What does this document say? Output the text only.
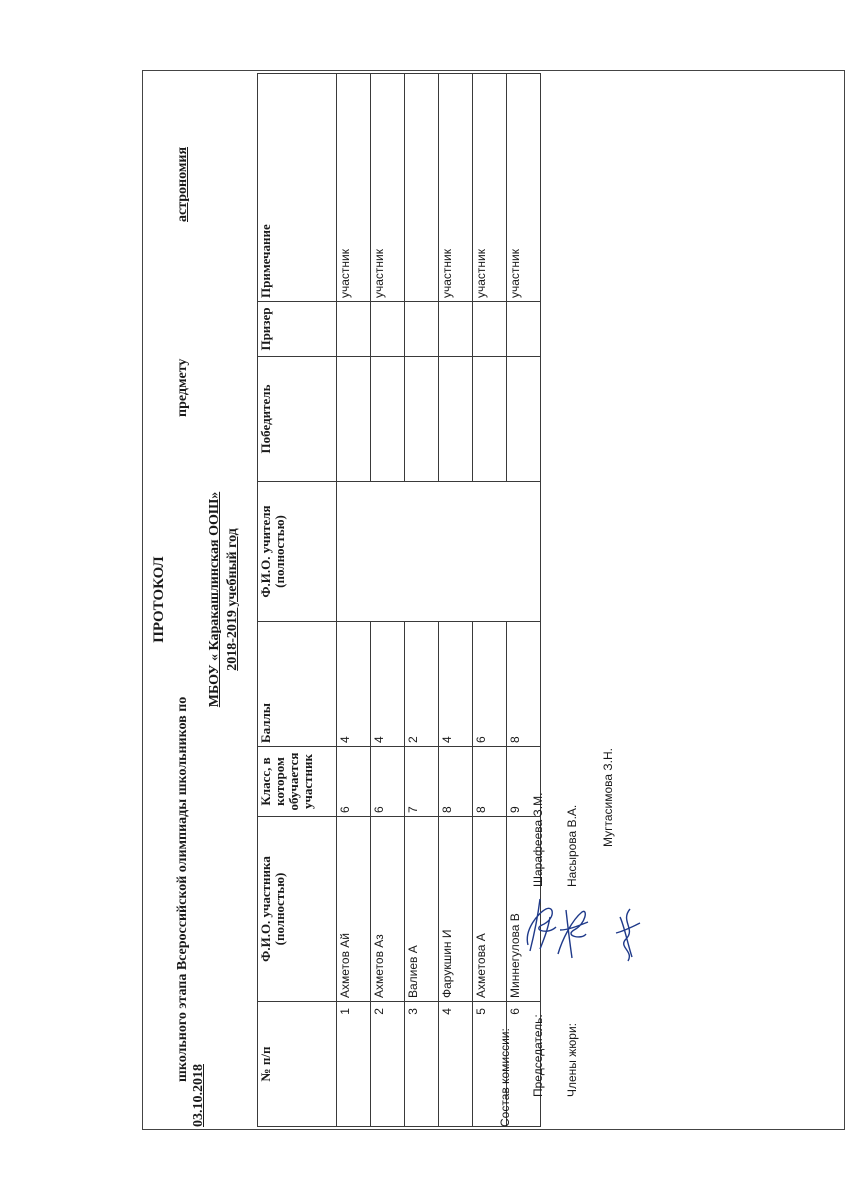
ПРОТОКОЛ
школьного этапа Всероссийской олимпиады школьников по
предмету
03.10.2018
астрономия
МБОУ « Каракашлинская ООШ» 2018-2019 учебный год
№ п/п	Ф.И.О. участника (полностью)	Класс, в котором обучается участник	Баллы	Ф.И.О. учителя (полностью)	Победитель	Призер	Примечание
1	Ахметов Ай	6	4				участник
2	Ахметов Аз	6	4				участник
3	Валиев А	7	2				
4	Фарукшин И	8	4				участник
5	Ахметова А	8	6				участник
6	Миннегулова В	9	8				участник
Состав комиссии: Председатель:
Шарафеева З.М.
Члены жюри:
Насырова В.А. Мугтасимова З.Н.
